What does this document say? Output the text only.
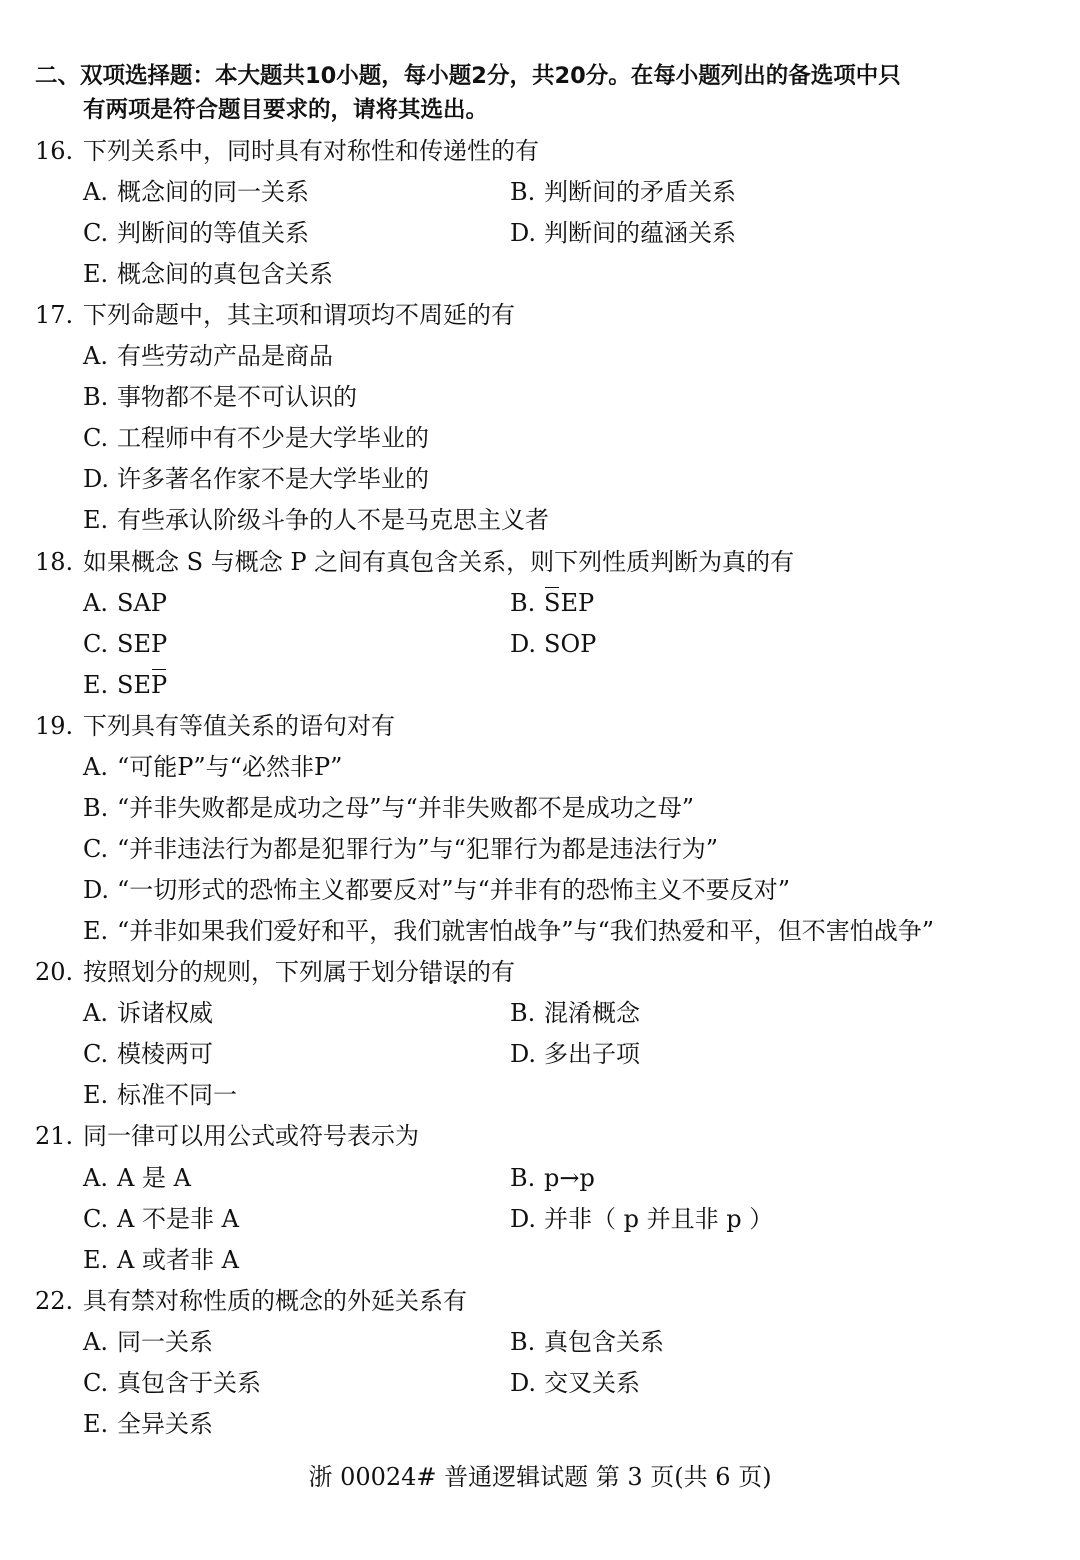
二、双项选择题：本大题共10小题，每小题2分，共20分。在每小题列出的备选项中只
有两项是符合题目要求的，请将其选出。
16. 下列关系中，同时具有对称性和传递性的有
A. 概念间的同一关系	B. 判断间的矛盾关系
C. 判断间的等值关系	D. 判断间的蕴涵关系
E. 概念间的真包含关系
17. 下列命题中，其主项和谓项均不周延的有
A. 有些劳动产品是商品
B. 事物都不是不可认识的
C. 工程师中有不少是大学毕业的
D. 许多著名作家不是大学毕业的
E. 有些承认阶级斗争的人不是马克思主义者
18. 如果概念 S 与概念 P 之间有真包含关系，则下列性质判断为真的有
A. SAP	B. SEP
C. SEP	D. SOP
E. SEP
19. 下列具有等值关系的语句对有
A. “可能P”与“必然非P”
B. “并非失败都是成功之母”与“并非失败都不是成功之母”
C. “并非违法行为都是犯罪行为”与“犯罪行为都是违法行为”
D. “一切形式的恐怖主义都要反对”与“并非有的恐怖主义不要反对”
E. “并非如果我们爱好和平，我们就害怕战争”与“我们热爱和平，但不害怕战争”
20. 按照划分的规则，下列属于划分错误的有
A. 诉诸权威	B. 混淆概念
C. 模棱两可	D. 多出子项
E. 标准不同一
21. 同一律可以用公式或符号表示为
A. A 是 A	B. p→p
C. A 不是非 A	D. 并非（ p 并且非 p ）
E. A 或者非 A
22. 具有禁对称性质的概念的外延关系有
A. 同一关系	B. 真包含关系
C. 真包含于关系	D. 交叉关系
E. 全异关系
浙 00024# 普通逻辑试题 第 3 页(共 6 页)
